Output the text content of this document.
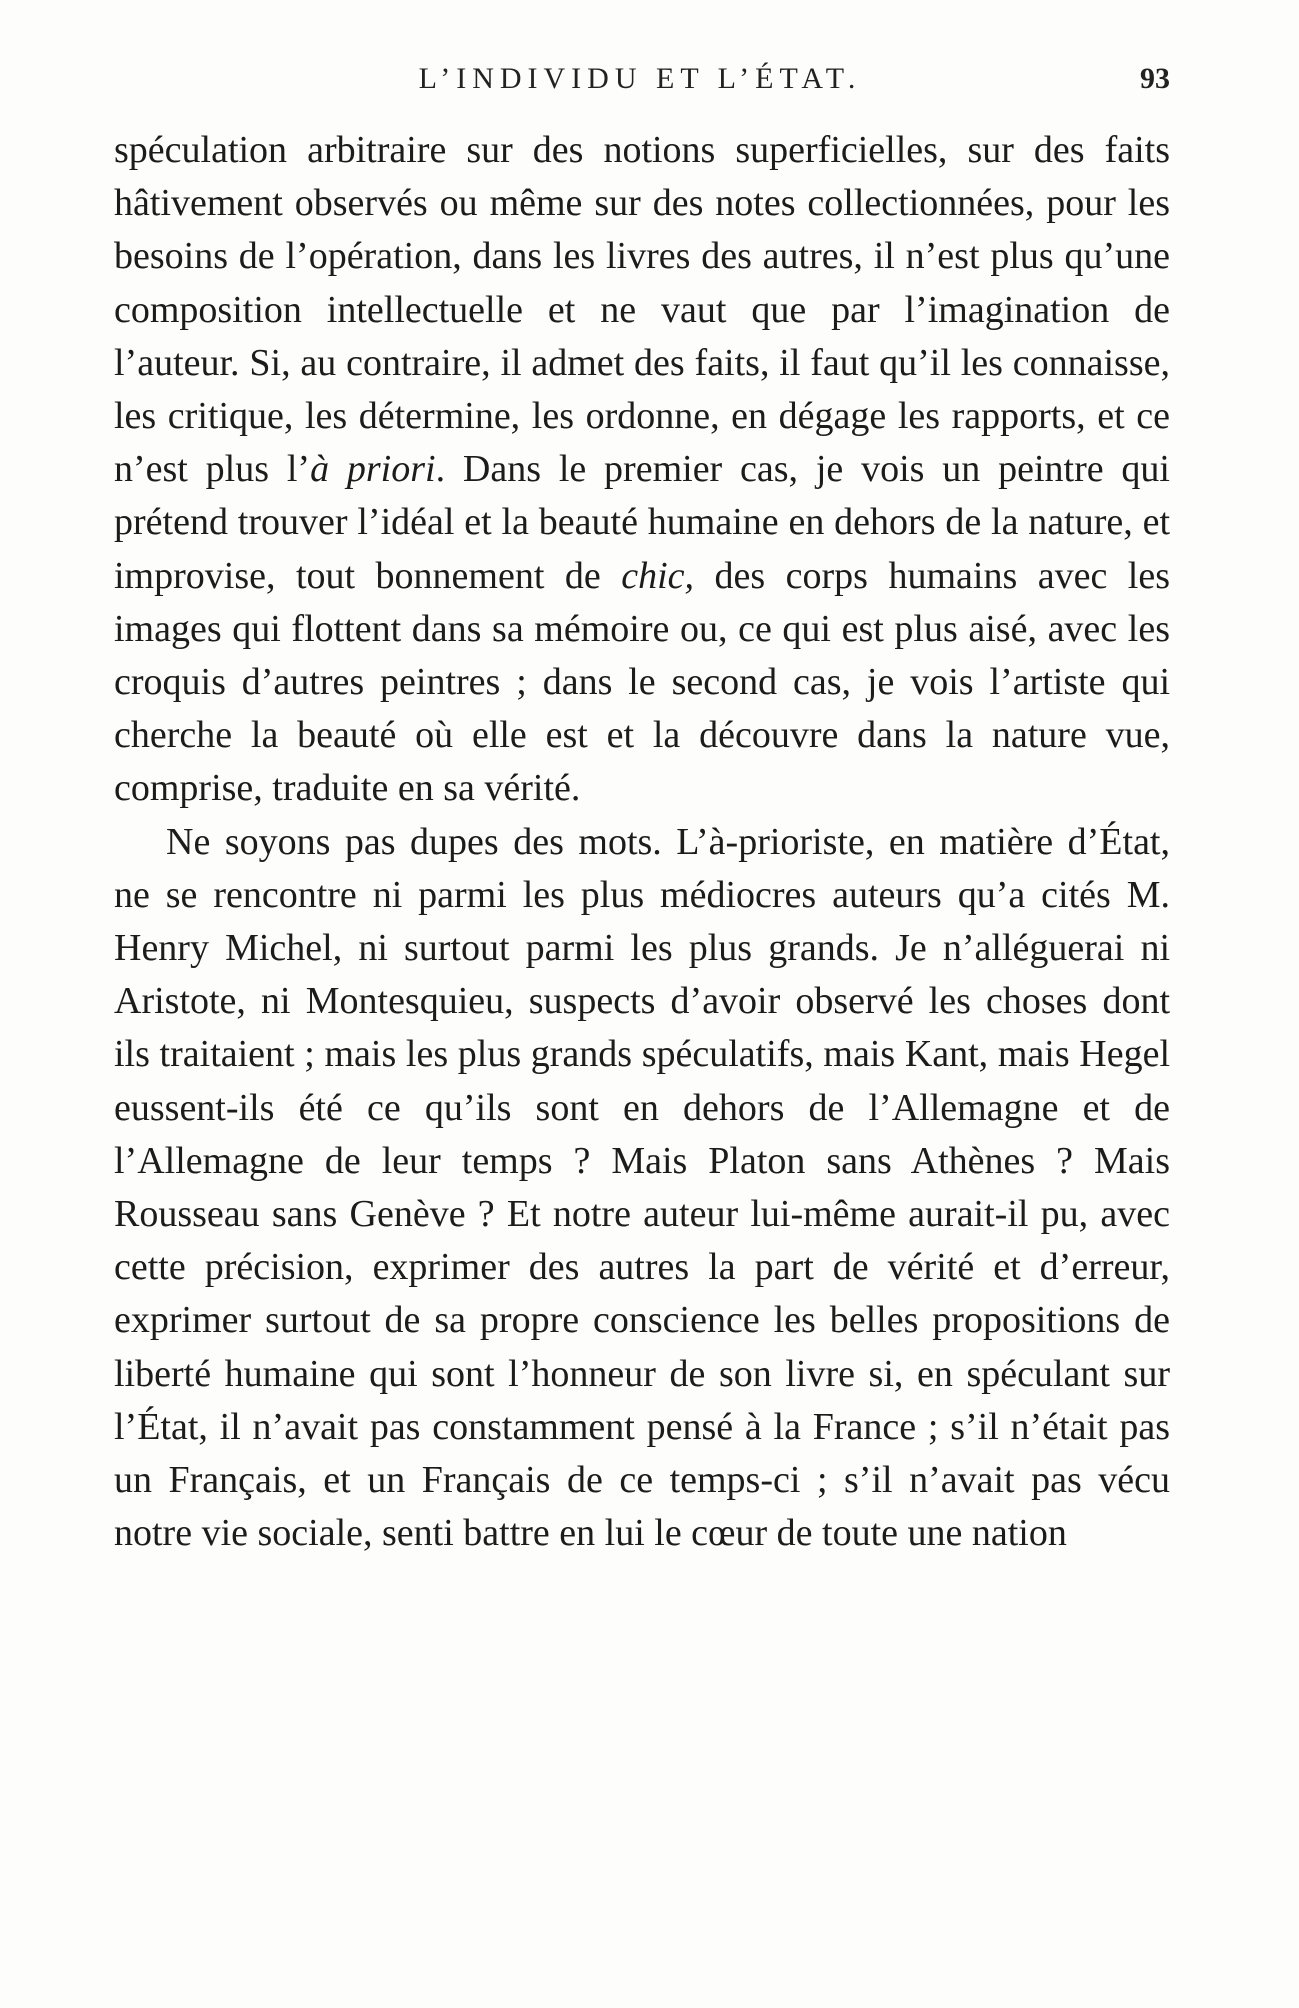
L’INDIVIDU ET L’ÉTAT.	93

spéculation arbitraire sur des notions superficielles, sur des faits hâtivement observés ou même sur des notes collectionnées, pour les besoins de l’opération, dans les livres des autres, il n’est plus qu’une composition intellectuelle et ne vaut que par l’imagination de l’auteur. Si, au contraire, il admet des faits, il faut qu’il les connaisse, les critique, les détermine, les ordonne, en dégage les rapports, et ce n’est plus l’à priori. Dans le premier cas, je vois un peintre qui prétend trouver l’idéal et la beauté humaine en dehors de la nature, et improvise, tout bonnement de chic, des corps humains avec les images qui flottent dans sa mémoire ou, ce qui est plus aisé, avec les croquis d’autres peintres ; dans le second cas, je vois l’artiste qui cherche la beauté où elle est et la découvre dans la nature vue, comprise, traduite en sa vérité.

Ne soyons pas dupes des mots. L’à-prioriste, en matière d’État, ne se rencontre ni parmi les plus médiocres auteurs qu’a cités M. Henry Michel, ni surtout parmi les plus grands. Je n’alléguerai ni Aristote, ni Montesquieu, suspects d’avoir observé les choses dont ils traitaient ; mais les plus grands spéculatifs, mais Kant, mais Hegel eussent-ils été ce qu’ils sont en dehors de l’Allemagne et de l’Allemagne de leur temps ? Mais Platon sans Athènes ? Mais Rousseau sans Genève ? Et notre auteur lui-même aurait-il pu, avec cette précision, exprimer des autres la part de vérité et d’erreur, exprimer surtout de sa propre conscience les belles propositions de liberté humaine qui sont l’honneur de son livre si, en spéculant sur l’État, il n’avait pas constamment pensé à la France ; s’il n’était pas un Français, et un Français de ce temps-ci ; s’il n’avait pas vécu notre vie sociale, senti battre en lui le cœur de toute une nation
